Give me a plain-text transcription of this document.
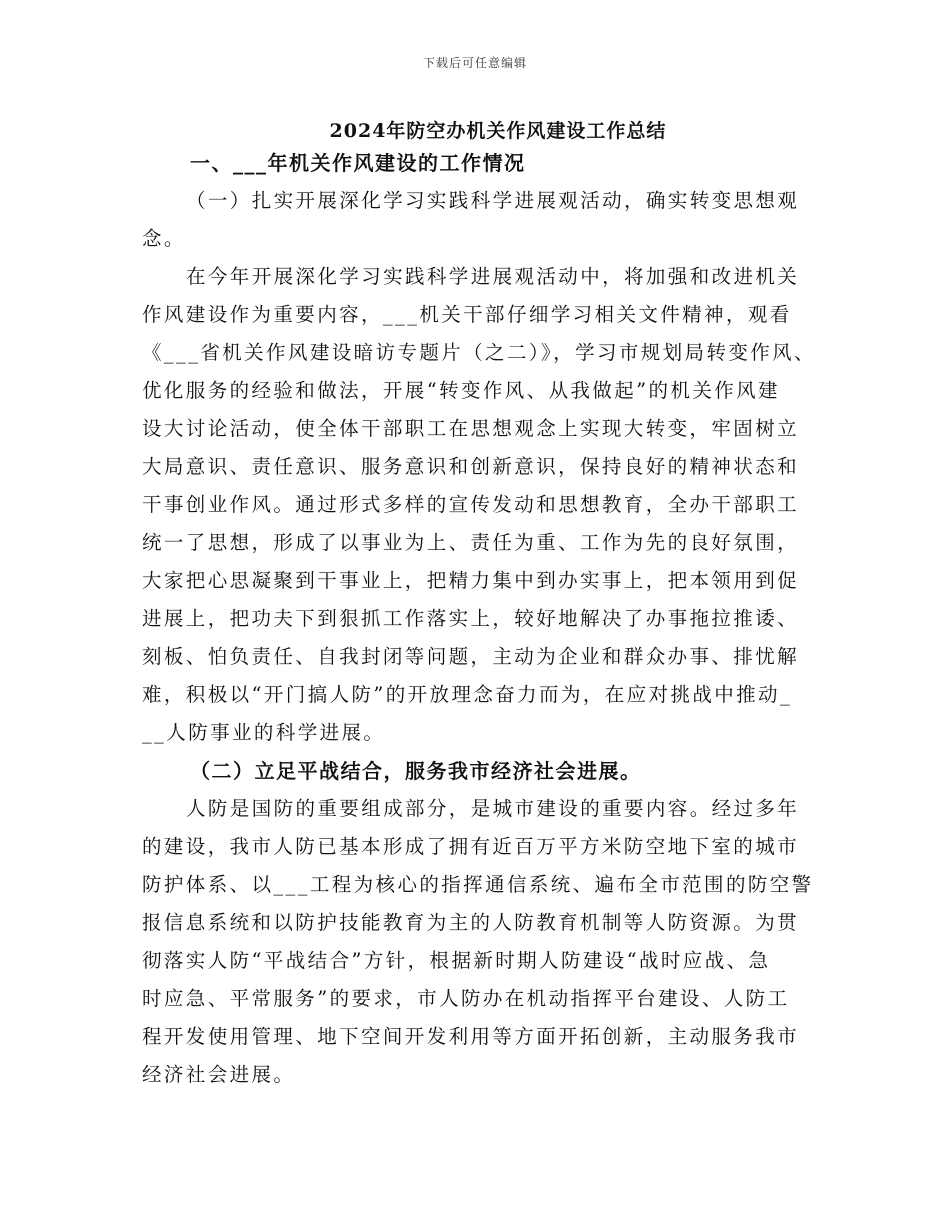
下载后可任意编辑
2024年防空办机关作风建设工作总结
一、___年机关作风建设的工作情况
（一）扎实开展深化学习实践科学进展观活动，确实转变思想观
念。
在今年开展深化学习实践科学进展观活动中，将加强和改进机关
作风建设作为重要内容，___机关干部仔细学习相关文件精神，观看
《___省机关作风建设暗访专题片（之二）》，学习市规划局转变作风、
优化服务的经验和做法，开展“转变作风、从我做起”的机关作风建
设大讨论活动，使全体干部职工在思想观念上实现大转变，牢固树立
大局意识、责任意识、服务意识和创新意识，保持良好的精神状态和
干事创业作风。通过形式多样的宣传发动和思想教育，全办干部职工
统一了思想，形成了以事业为上、责任为重、工作为先的良好氛围，
大家把心思凝聚到干事业上，把精力集中到办实事上，把本领用到促
进展上，把功夫下到狠抓工作落实上，较好地解决了办事拖拉推诿、
刻板、怕负责任、自我封闭等问题，主动为企业和群众办事、排忧解
难，积极以“开门搞人防”的开放理念奋力而为，在应对挑战中推动_
__人防事业的科学进展。
（二）立足平战结合，服务我市经济社会进展。
人防是国防的重要组成部分，是城市建设的重要内容。经过多年
的建设，我市人防已基本形成了拥有近百万平方米防空地下室的城市
防护体系、以___工程为核心的指挥通信系统、遍布全市范围的防空警
报信息系统和以防护技能教育为主的人防教育机制等人防资源。为贯
彻落实人防“平战结合”方针，根据新时期人防建设“战时应战、急
时应急、平常服务”的要求，市人防办在机动指挥平台建设、人防工
程开发使用管理、地下空间开发利用等方面开拓创新，主动服务我市
经济社会进展。
